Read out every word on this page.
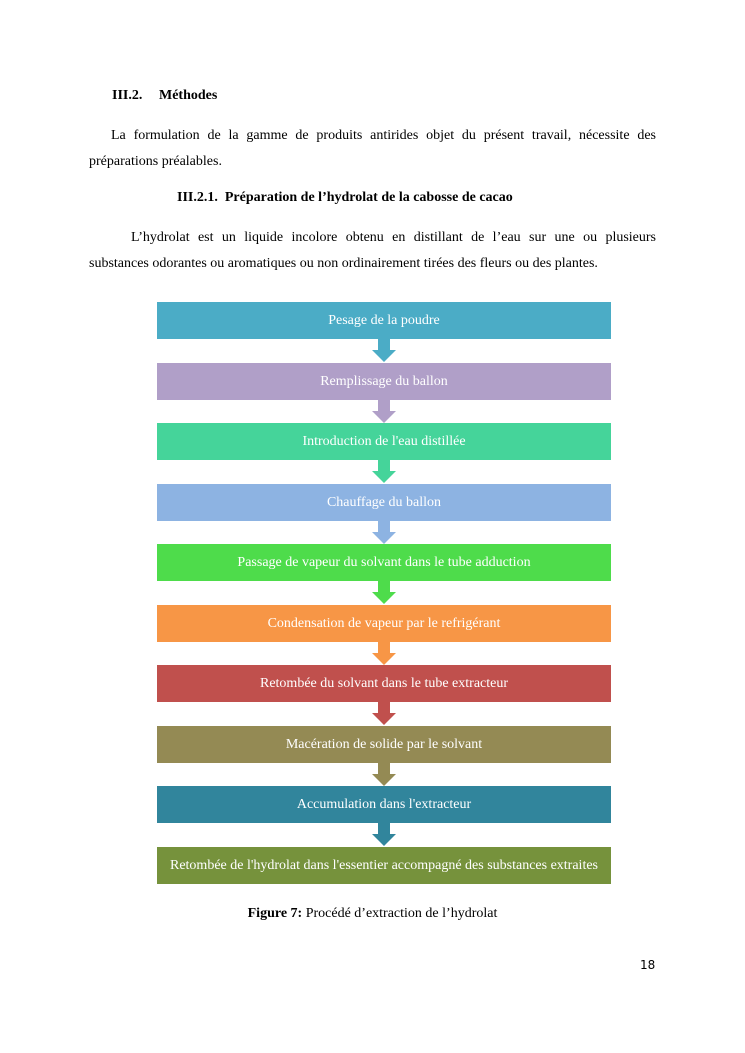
III.2. Méthodes
La formulation de la gamme de produits antirides objet du présent travail, nécessite des préparations préalables.
III.2.1. Préparation de l’hydrolat de la cabosse de cacao
L’hydrolat est un liquide incolore obtenu en distillant de l’eau sur une ou plusieurs substances odorantes ou aromatiques ou non ordinairement tirées des fleurs ou des plantes.
Pesage de la poudre
Remplissage du ballon
Introduction de l'eau distillée
Chauffage du ballon
Passage de vapeur du solvant dans le tube adduction
Condensation de vapeur par le refrigérant
Retombée du solvant dans le tube extracteur
Macération de solide par le solvant
Accumulation dans l'extracteur
Retombée de l'hydrolat dans l'essentier accompagné des substances extraites
Figure 7: Procédé d’extraction de l’hydrolat
18
